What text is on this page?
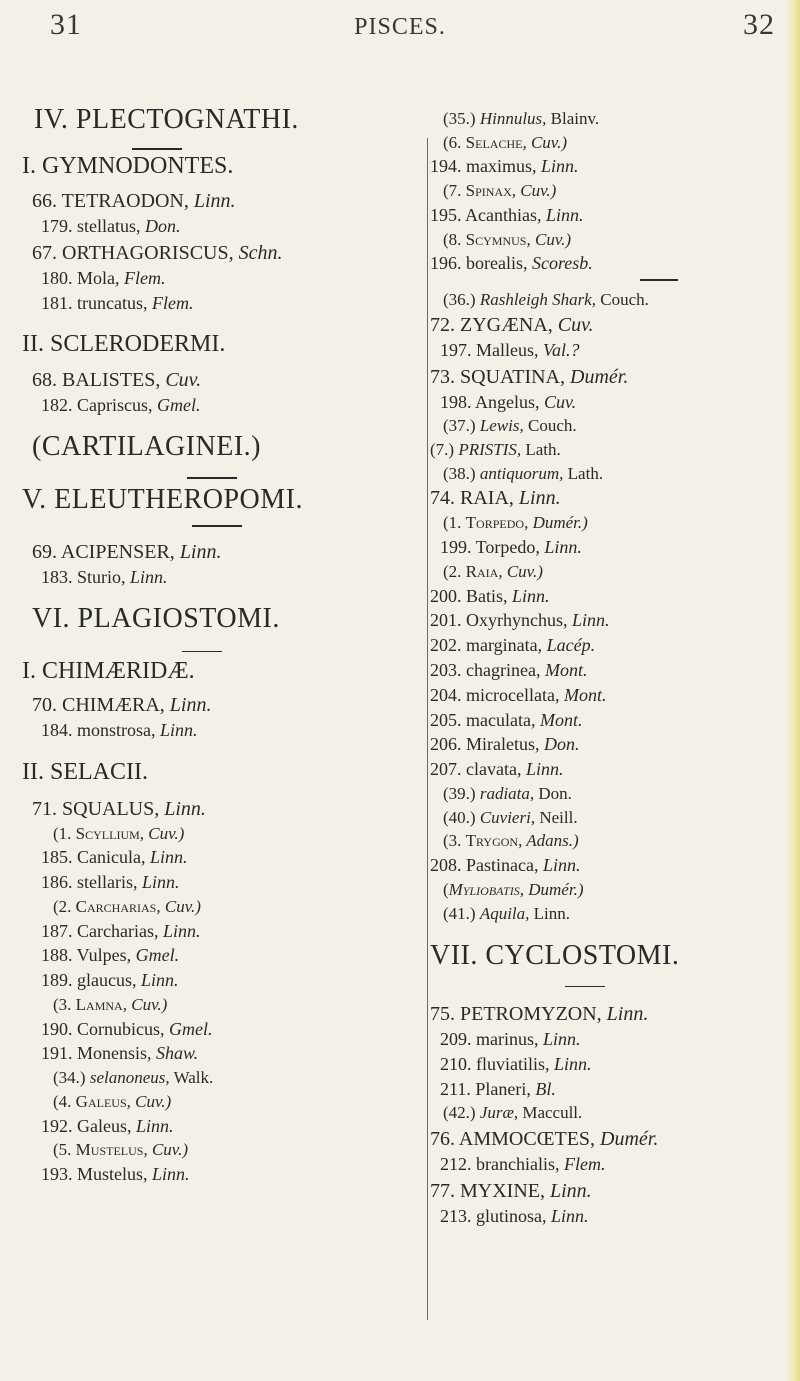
31	PISCES.	32
IV. PLECTOGNATHI.
I. GYMNODONTES.
66. TETRAODON, Linn.
179. stellatus, Don.
67. ORTHAGORISCUS, Schn.
180. Mola, Flem.
181. truncatus, Flem.
II. SCLERODERMI.
68. BALISTES, Cuv.
182. Capriscus, Gmel.
(CARTILAGINEI.)
V. ELEUTHEROPOMI.
69. ACIPENSER, Linn.
183. Sturio, Linn.
VI. PLAGIOSTOMI.
I. CHIMÆRIDÆ.
70. CHIMÆRA, Linn.
184. monstrosa, Linn.
II. SELACII.
71. SQUALUS, Linn.
(1. Scyllium, Cuv.)
185. Canicula, Linn.
186. stellaris, Linn.
(2. Carcharias, Cuv.)
187. Carcharias, Linn.
188. Vulpes, Gmel.
189. glaucus, Linn.
(3. Lamna, Cuv.)
190. Cornubicus, Gmel.
191. Monensis, Shaw.
(34.) selanoneus, Walk.
(4. Galeus, Cuv.)
192. Galeus, Linn.
(5. Mustelus, Cuv.)
193. Mustelus, Linn.
(35.) Hinnulus, Blainv.
(6. Selache, Cuv.)
194. maximus, Linn.
(7. Spinax, Cuv.)
195. Acanthias, Linn.
(8. Scymnus, Cuv.)
196. borealis, Scoresb.
(36.) Rashleigh Shark, Couch.
72. ZYGÆNA, Cuv.
197. Malleus, Val.?
73. SQUATINA, Dumér.
198. Angelus, Cuv.
(37.) Lewis, Couch.
(7.) PRISTIS, Lath.
(38.) antiquorum, Lath.
74. RAIA, Linn.
(1. Torpedo, Dumér.)
199. Torpedo, Linn.
(2. Raia, Cuv.)
200. Batis, Linn.
201. Oxyrhynchus, Linn.
202. marginata, Lacép.
203. chagrinea, Mont.
204. microcellata, Mont.
205. maculata, Mont.
206. Miraletus, Don.
207. clavata, Linn.
(39.) radiata, Don.
(40.) Cuvieri, Neill.
(3. Trygon, Adans.)
208. Pastinaca, Linn.
(Myliobatis, Dumér.)
(41.) Aquila, Linn.
VII. CYCLOSTOMI.
75. PETROMYZON, Linn.
209. marinus, Linn.
210. fluviatilis, Linn.
211. Planeri, Bl.
(42.) Juræ, Maccull.
76. AMMOCŒTES, Dumér.
212. branchialis, Flem.
77. MYXINE, Linn.
213. glutinosa, Linn.
